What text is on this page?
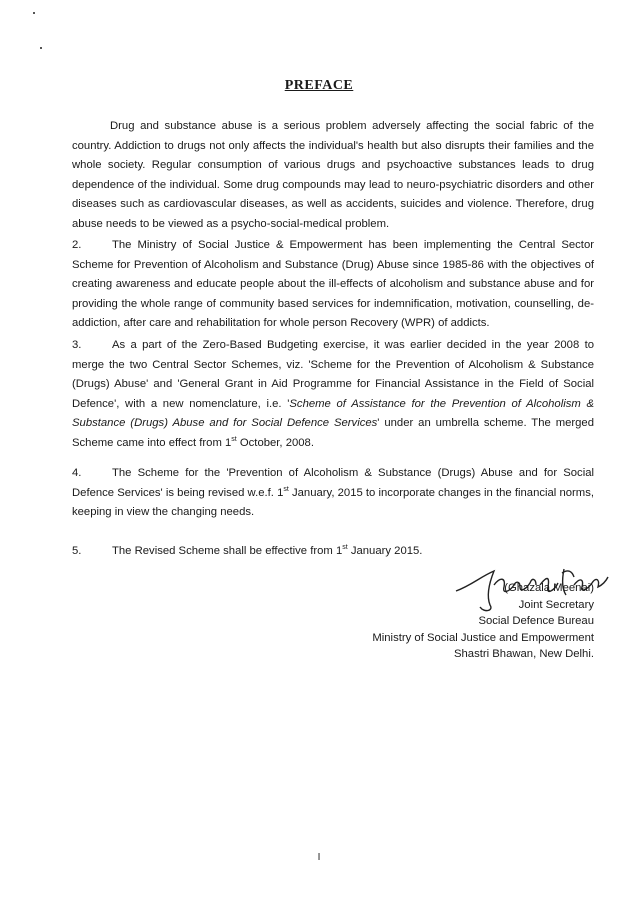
PREFACE
Drug and substance abuse is a serious problem adversely affecting the social fabric of the country. Addiction to drugs not only affects the individual's health but also disrupts their families and the whole society. Regular consumption of various drugs and psychoactive substances leads to drug dependence of the individual. Some drug compounds may lead to neuro-psychiatric disorders and other diseases such as cardiovascular diseases, as well as accidents, suicides and violence. Therefore, drug abuse needs to be viewed as a psycho-social-medical problem.
2.	The Ministry of Social Justice & Empowerment has been implementing the Central Sector Scheme for Prevention of Alcoholism and Substance (Drug) Abuse since 1985-86 with the objectives of creating awareness and educate people about the ill-effects of alcoholism and substance abuse and for providing the whole range of community based services for indemnification, motivation, counselling, de-addiction, after care and rehabilitation for whole person Recovery (WPR) of addicts.
3.	As a part of the Zero-Based Budgeting exercise, it was earlier decided in the year 2008 to merge the two Central Sector Schemes, viz. 'Scheme for the Prevention of Alcoholism & Substance (Drugs) Abuse' and 'General Grant in Aid Programme for Financial Assistance in the Field of Social Defence', with a new nomenclature, i.e. 'Scheme of Assistance for the Prevention of Alcoholism & Substance (Drugs) Abuse and for Social Defence Services' under an umbrella scheme. The merged Scheme came into effect from 1st October, 2008.
4.	The Scheme for the 'Prevention of Alcoholism & Substance (Drugs) Abuse and for Social Defence Services' is being revised w.e.f. 1st January, 2015 to incorporate changes in the financial norms, keeping in view the changing needs.
5.	The Revised Scheme shall be effective from 1st January 2015.
(Ghazala Meenai)
Joint Secretary
Social Defence Bureau
Ministry of Social Justice and Empowerment
Shastri Bhawan, New Delhi.
I
